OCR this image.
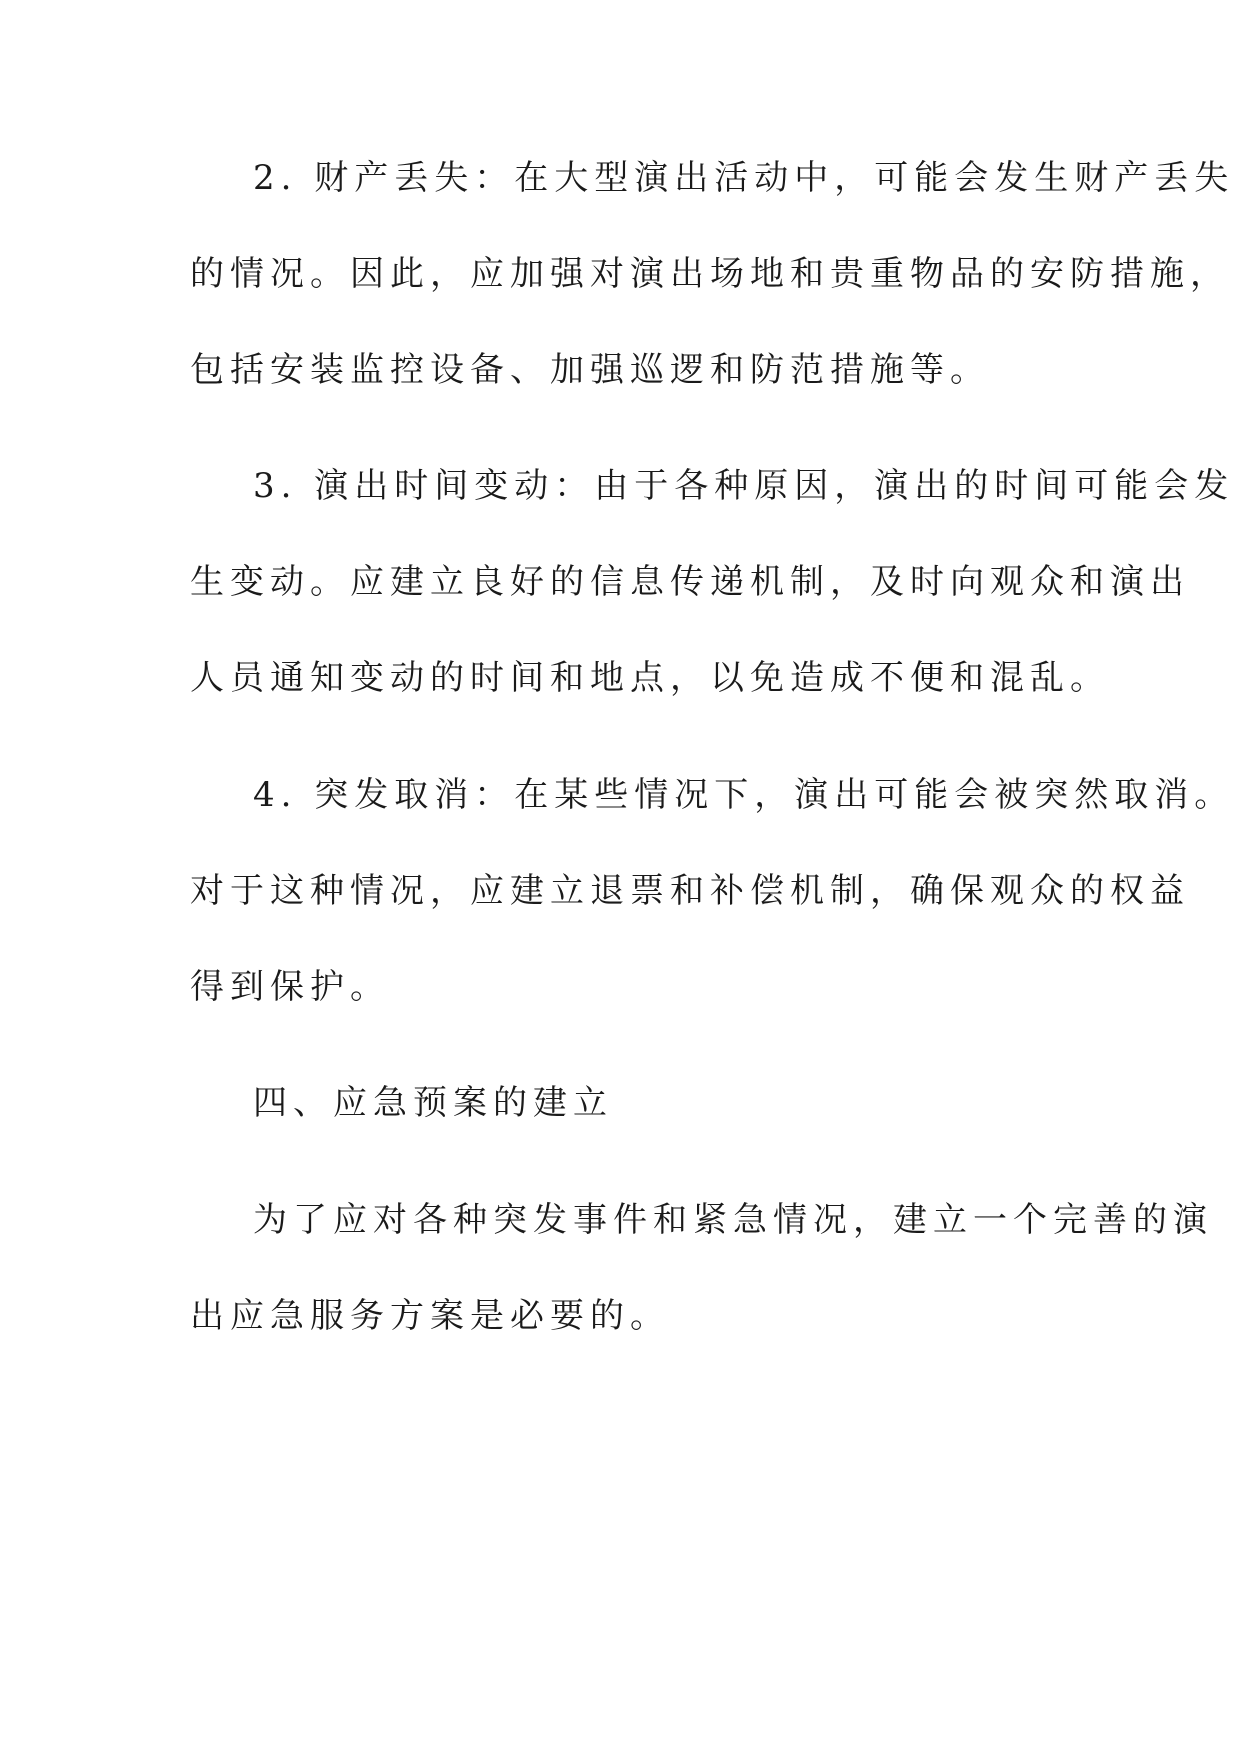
2. 财产丢失：在大型演出活动中，可能会发生财产丢失

的情况。因此，应加强对演出场地和贵重物品的安防措施，

包括安装监控设备、加强巡逻和防范措施等。

3. 演出时间变动：由于各种原因，演出的时间可能会发

生变动。应建立良好的信息传递机制，及时向观众和演出

人员通知变动的时间和地点，以免造成不便和混乱。

4. 突发取消：在某些情况下，演出可能会被突然取消。

对于这种情况，应建立退票和补偿机制，确保观众的权益

得到保护。

四、应急预案的建立

为了应对各种突发事件和紧急情况，建立一个完善的演

出应急服务方案是必要的。
